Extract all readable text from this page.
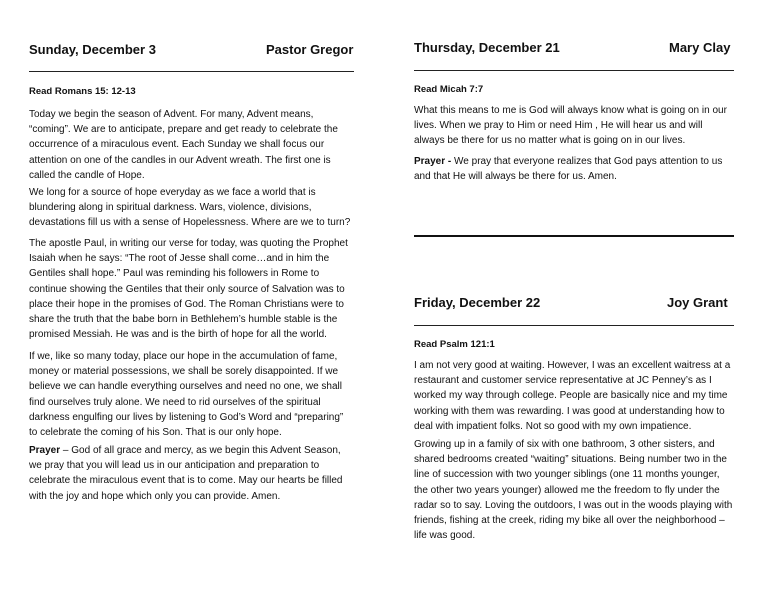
Sunday, December 3	Pastor Gregor
Read Romans 15: 12-13

Today we begin the season of Advent. For many, Advent means, “coming”. We are to anticipate, prepare and get ready to celebrate the occurrence of a miraculous event. Each Sunday we shall focus our attention on one of the candles in our Advent wreath. The first one is called the candle of Hope.

We long for a source of hope everyday as we face a world that is blundering along in spiritual darkness. Wars, violence, divisions, devastations fill us with a sense of Hopelessness. Where are we to turn?

The apostle Paul, in writing our verse for today, was quoting the Prophet Isaiah when he says: “The root of Jesse shall come…and in him the Gentiles shall hope.” Paul was reminding his followers in Rome to continue showing the Gentiles that their only source of Salvation was to place their hope in the promises of God. The Roman Christians were to share the truth that the babe born in Bethlehem’s humble stable is the promised Messiah. He was and is the birth of hope for all the world.

If we, like so many today, place our hope in the accumulation of fame, money or material possessions, we shall be sorely disappointed. If we believe we can handle everything ourselves and need no one, we shall find ourselves truly alone. We need to rid ourselves of the spiritual darkness engulfing our lives by listening to God’s Word and “preparing” to celebrate the coming of his Son. That is our only hope.

Prayer – God of all grace and mercy, as we begin this Advent Season, we pray that you will lead us in our anticipation and preparation to celebrate the miraculous event that is to come. May our hearts be filled with the joy and hope which only you can provide. Amen.

Thursday, December 21	Mary Clay
Read Micah 7:7

What this means to me is God will always know what is going on in our lives. When we pray to Him or need Him , He will hear us and will always be there for us no matter what is going on in our lives.

Prayer - We pray that everyone realizes that God pays attention to us and that He will always be there for us. Amen.

Friday, December 22	Joy Grant
Read Psalm 121:1

I am not very good at waiting. However, I was an excellent waitress at a restaurant and customer service representative at JC Penney’s as I worked my way through college. People are basically nice and my time working with them was rewarding. I was good at understanding how to deal with impatient folks. Not so good with my own impatience.

Growing up in a family of six with one bathroom, 3 other sisters, and shared bedrooms created “waiting” situations. Being number two in the line of succession with two younger siblings (one 11 months younger, the other two years younger) allowed me the freedom to fly under the radar so to say. Loving the outdoors, I was out in the woods playing with friends, fishing at the creek, riding my bike all over the neighborhood – life was good.
